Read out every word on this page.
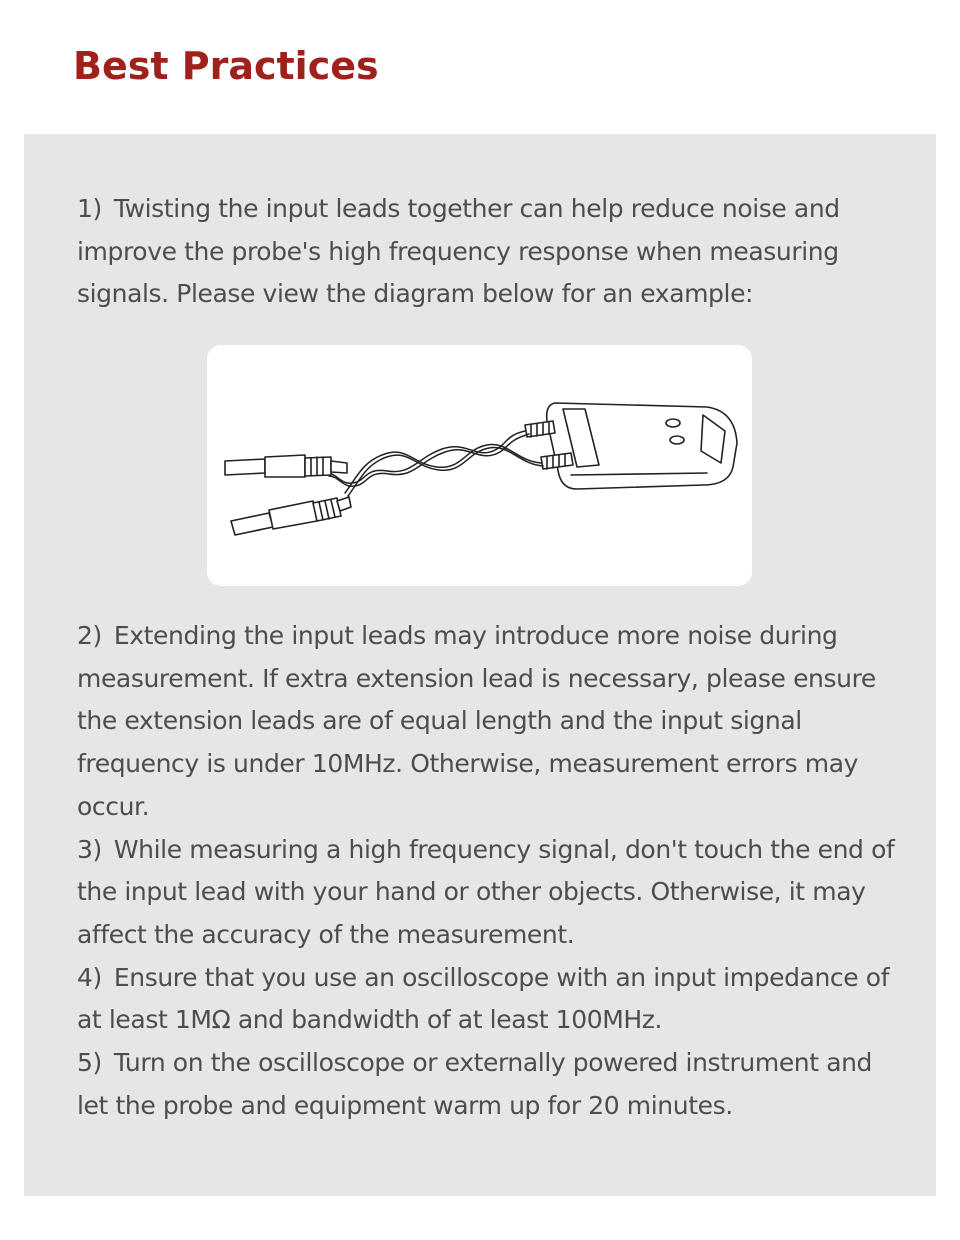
Best Practices

1) Twisting the input leads together can help reduce noise and improve the probe's high frequency response when measuring signals. Please view the diagram below for an example:

2) Extending the input leads may introduce more noise during measurement. If extra extension lead is necessary, please ensure the extension leads are of equal length and the input signal frequency is under 10MHz. Otherwise, measurement errors may occur.
3) While measuring a high frequency signal, don't touch the end of the input lead with your hand or other objects. Otherwise, it may affect the accuracy of the measurement.
4) Ensure that you use an oscilloscope with an input impedance of at least 1MΩ and bandwidth of at least 100MHz.
5) Turn on the oscilloscope or externally powered instrument and let the probe and equipment warm up for 20 minutes.
